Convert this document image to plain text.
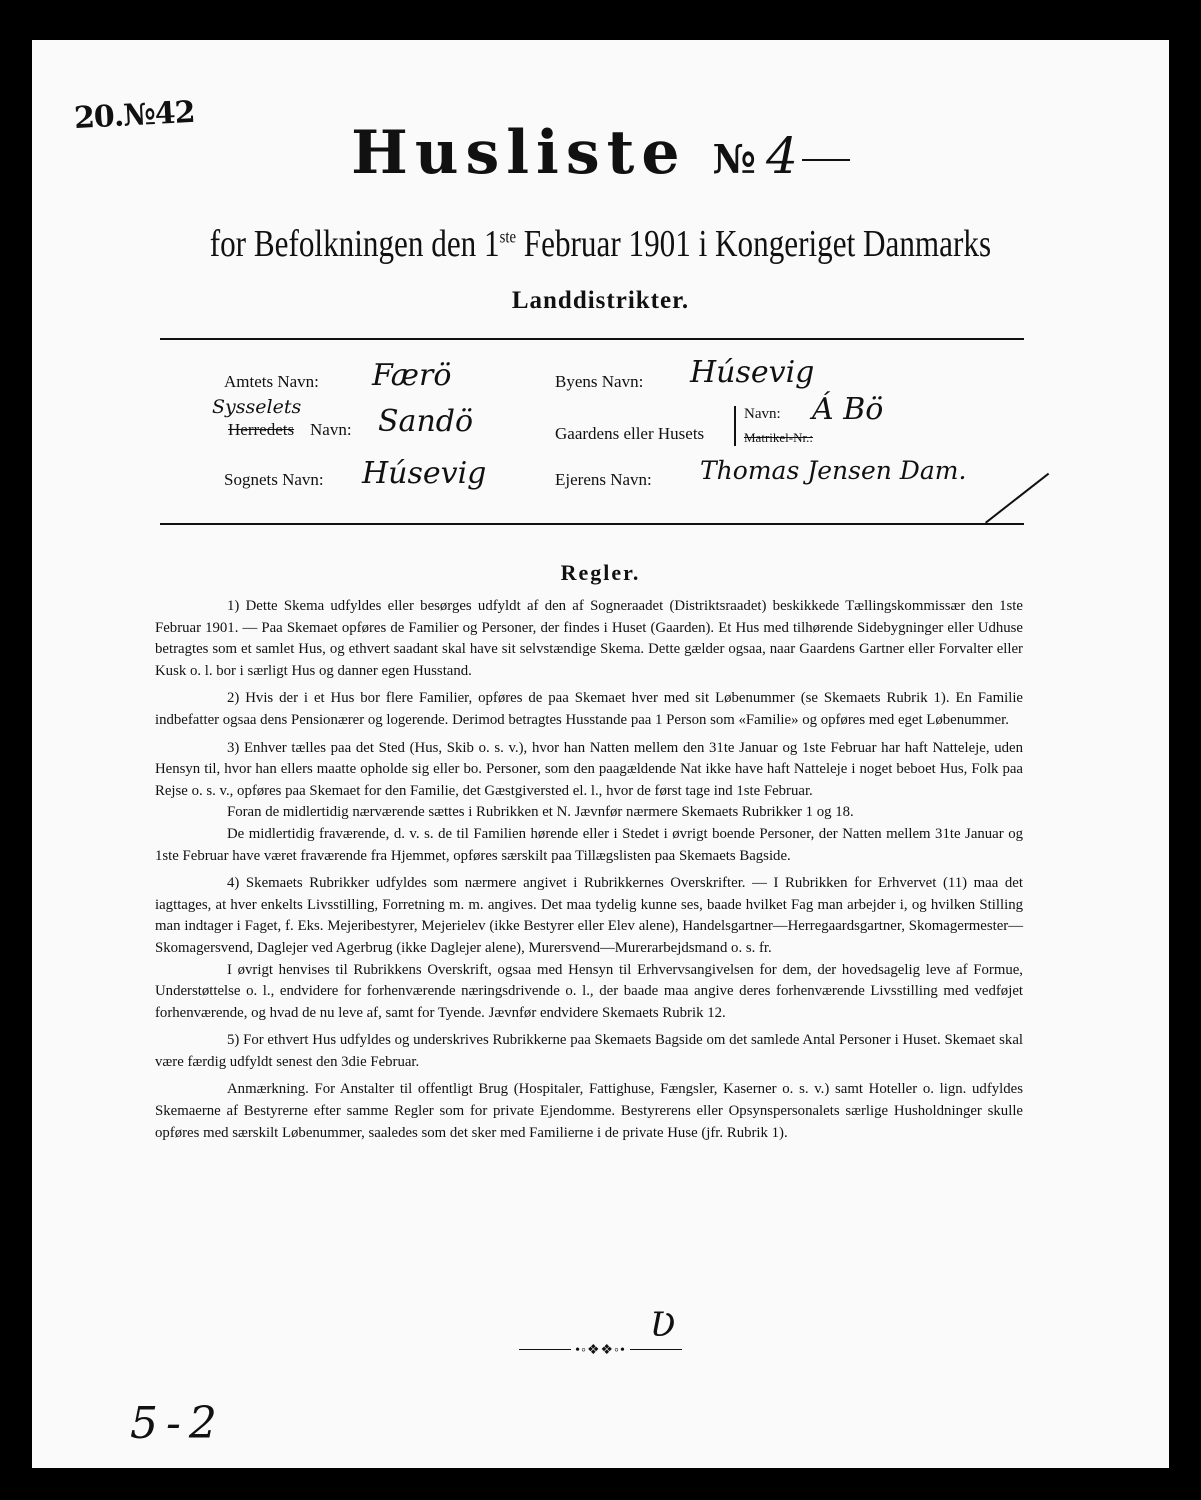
20.№42
Husliste № 4
for Befolkningen den 1ste Februar 1901 i Kongeriget Danmarks
Landdistrikter.
Amtets Navn: Færö
Sysselets
Herredets Navn: Sandö
Sognets Navn: Húsevig
Byens Navn: Húsevig
Gaardens eller Husets
Navn: Á Bö
Matrikel-Nr.:
Ejerens Navn: Thomas Jensen Dam.
Regler.

1) Dette Skema udfyldes eller besørges udfyldt af den af Sogneraadet (Distriktsraadet) beskikkede Tællingskommissær den 1ste Februar 1901. — Paa Skemaet opføres de Familier og Personer, der findes i Huset (Gaarden). Et Hus med tilhørende Sidebygninger eller Udhuse betragtes som et samlet Hus, og ethvert saadant skal have sit selvstændige Skema. Dette gælder ogsaa, naar Gaardens Gartner eller Forvalter eller Kusk o. l. bor i særligt Hus og danner egen Husstand.

2) Hvis der i et Hus bor flere Familier, opføres de paa Skemaet hver med sit Løbenummer (se Skemaets Rubrik 1). En Familie indbefatter ogsaa dens Pensionærer og logerende. Derimod betragtes Husstande paa 1 Person som «Familie» og opføres med eget Løbenummer.

3) Enhver tælles paa det Sted (Hus, Skib o. s. v.), hvor han Natten mellem den 31te Januar og 1ste Februar har haft Natteleje, uden Hensyn til, hvor han ellers maatte opholde sig eller bo. Personer, som den paagældende Nat ikke have haft Natteleje i noget beboet Hus, Folk paa Rejse o. s. v., opføres paa Skemaet for den Familie, det Gæstgiversted el. l., hvor de først tage ind 1ste Februar.

Foran de midlertidig nærværende sættes i Rubrikken et N. Jævnfør nærmere Skemaets Rubrikker 1 og 18.

De midlertidig fraværende, d. v. s. de til Familien hørende eller i Stedet i øvrigt boende Personer, der Natten mellem 31te Januar og 1ste Februar have været fraværende fra Hjemmet, opføres særskilt paa Tillægslisten paa Skemaets Bagside.

4) Skemaets Rubrikker udfyldes som nærmere angivet i Rubrikkernes Overskrifter. — I Rubrikken for Erhvervet (11) maa det iagttages, at hver enkelts Livsstilling, Forretning m. m. angives. Det maa tydelig kunne ses, baade hvilket Fag man arbejder i, og hvilken Stilling man indtager i Faget, f. Eks. Mejeribestyrer, Mejerielev (ikke Bestyrer eller Elev alene), Handelsgartner—Herregaardsgartner, Skomagermester—Skomagersvend, Daglejer ved Agerbrug (ikke Daglejer alene), Murersvend—Murerarbejdsmand o. s. fr.

I øvrigt henvises til Rubrikkens Overskrift, ogsaa med Hensyn til Erhvervsangivelsen for dem, der hovedsagelig leve af Formue, Understøttelse o. l., endvidere for forhenværende næringsdrivende o. l., der baade maa angive deres forhenværende Livsstilling med vedføjet forhenværende, og hvad de nu leve af, samt for Tyende. Jævnfør endvidere Skemaets Rubrik 12.

5) For ethvert Hus udfyldes og underskrives Rubrikkerne paa Skemaets Bagside om det samlede Antal Personer i Huset. Skemaet skal være færdig udfyldt senest den 3die Februar.

Anmærkning. For Anstalter til offentligt Brug (Hospitaler, Fattighuse, Fængsler, Kaserner o. s. v.) samt Hoteller o. lign. udfyldes Skemaerne af Bestyrerne efter samme Regler som for private Ejendomme. Bestyrerens eller Opsynspersonalets særlige Husholdninger skulle opføres med særskilt Løbenummer, saaledes som det sker med Familierne i de private Huse (jfr. Rubrik 1).

Ʋ
•◦❖❖◦•
5-2
